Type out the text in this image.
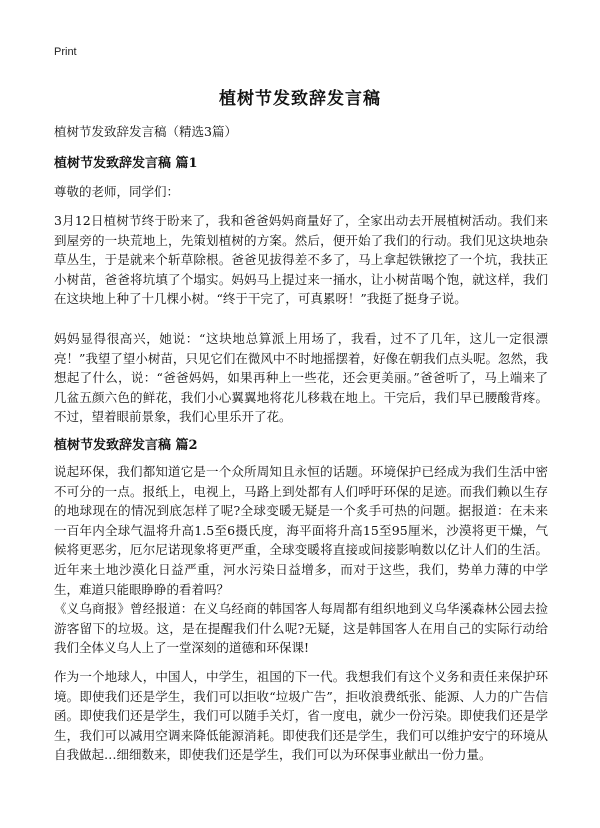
Print
植树节发致辞发言稿
植树节发致辞发言稿（精选3篇）
植树节发致辞发言稿 篇1
尊敬的老师，同学们：
3月12日植树节终于盼来了，我和爸爸妈妈商量好了，全家出动去开展植树活动。我们来到屋旁的一块荒地上，先策划植树的方案。然后，便开始了我们的行动。我们见这块地杂草丛生，于是就来个斩草除根。爸爸见拔得差不多了，马上拿起铁锹挖了一个坑，我扶正小树苗，爸爸将坑填了个塌实。妈妈马上提过来一捅水，让小树苗喝个饱，就这样，我们在这块地上种了十几棵小树。“终于干完了，可真累呀！”我挺了挺身子说。
妈妈显得很高兴，她说：“这块地总算派上用场了，我看，过不了几年，这儿一定很漂亮！”我望了望小树苗，只见它们在微风中不时地摇摆着，好像在朝我们点头呢。忽然，我想起了什么，说：“爸爸妈妈，如果再种上一些花，还会更美丽。”爸爸听了，马上端来了几盆五颜六色的鲜花，我们小心翼翼地将花儿移栽在地上。干完后，我们早已腰酸背疼。不过，望着眼前景象，我们心里乐开了花。
植树节发致辞发言稿 篇2
说起环保，我们都知道它是一个众所周知且永恒的话题。环境保护已经成为我们生活中密不可分的一点。报纸上，电视上，马路上到处都有人们呼吁环保的足迹。而我们赖以生存的地球现在的情况到底怎样了呢?全球变暖无疑是一个炙手可热的问题。据报道：在未来一百年内全球气温将升高1.5至6摄氏度，海平面将升高15至95厘米，沙漠将更干燥，气候将更恶劣，厄尔尼诺现象将更严重，全球变暖将直接或间接影响数以亿计人们的生活。近年来土地沙漠化日益严重，河水污染日益增多，而对于这些，我们，势单力薄的中学生，难道只能眼睁睁的看着吗？
《义乌商报》曾经报道：在义乌经商的韩国客人每周都有组织地到义乌华溪森林公园去捡游客留下的垃圾。这，是在提醒我们什么呢?无疑，这是韩国客人在用自己的实际行动给我们全体义乌人上了一堂深刻的道德和环保课!
作为一个地球人，中国人，中学生，祖国的下一代。我想我们有这个义务和责任来保护环境。即使我们还是学生，我们可以拒收“垃圾广告”，拒收浪费纸张、能源、人力的广告信函。即使我们还是学生，我们可以随手关灯，省一度电，就少一份污染。即使我们还是学生，我们可以减用空调来降低能源消耗。即使我们还是学生，我们可以维护安宁的环境从自我做起…细细数来，即使我们还是学生，我们可以为环保事业献出一份力量。
